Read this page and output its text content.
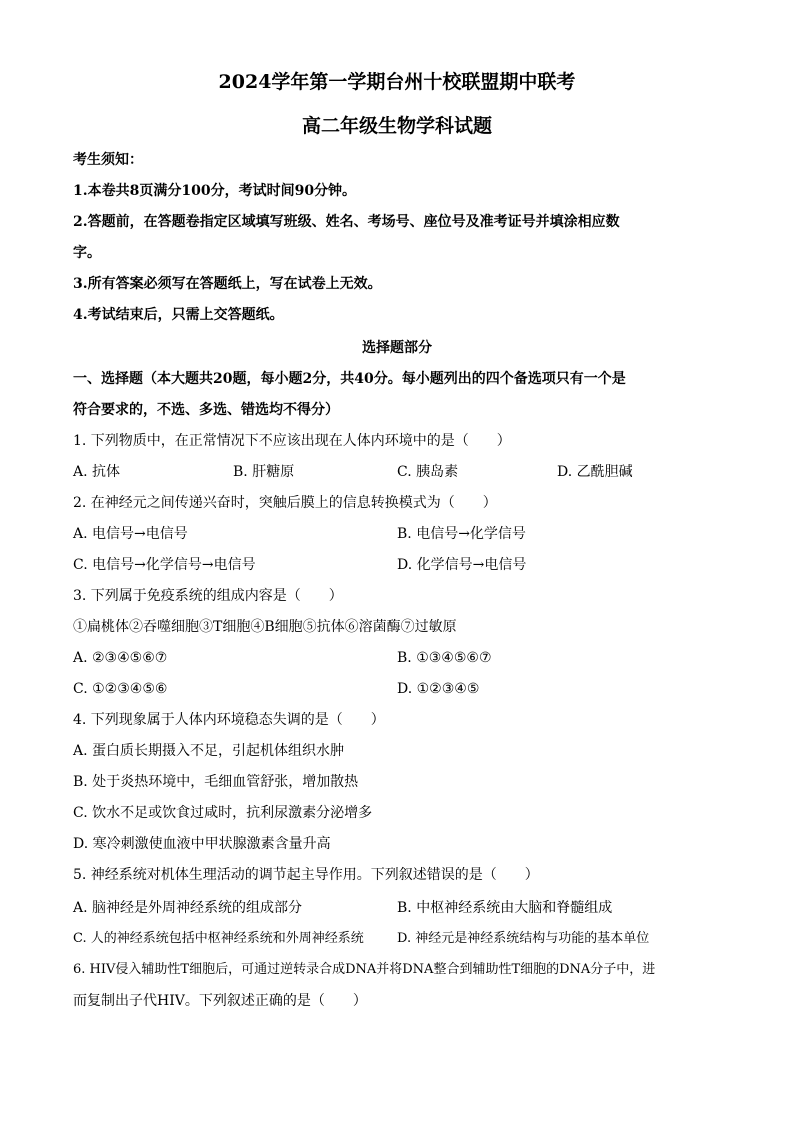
2024学年第一学期台州十校联盟期中联考
高二年级生物学科试题
考生须知：
1.本卷共8页满分100分，考试时间90分钟。
2.答题前，在答题卷指定区域填写班级、姓名、考场号、座位号及准考证号并填涂相应数
字。
3.所有答案必须写在答题纸上，写在试卷上无效。
4.考试结束后，只需上交答题纸。
选择题部分
一、选择题（本大题共20题，每小题2分，共40分。每小题列出的四个备选项只有一个是
符合要求的，不选、多选、错选均不得分）
1. 下列物质中，在正常情况下不应该出现在人体内环境中的是（　　）
A. 抗体	B. 肝糖原	C. 胰岛素	D. 乙酰胆碱
2. 在神经元之间传递兴奋时，突触后膜上的信息转换模式为（　　）
A. 电信号→电信号	B. 电信号→化学信号
C. 电信号→化学信号→电信号	D. 化学信号→电信号
3. 下列属于免疫系统的组成内容是（　　）
①扁桃体②吞噬细胞③T细胞④B细胞⑤抗体⑥溶菌酶⑦过敏原
A. ②③④⑤⑥⑦	B. ①③④⑤⑥⑦
C. ①②③④⑤⑥	D. ①②③④⑤
4. 下列现象属于人体内环境稳态失调的是（　　）
A. 蛋白质长期摄入不足，引起机体组织水肿
B. 处于炎热环境中，毛细血管舒张，增加散热
C. 饮水不足或饮食过咸时，抗利尿激素分泌增多
D. 寒冷刺激使血液中甲状腺激素含量升高
5. 神经系统对机体生理活动的调节起主导作用。下列叙述错误的是（　　）
A. 脑神经是外周神经系统的组成部分	B. 中枢神经系统由大脑和脊髓组成
C. 人的神经系统包括中枢神经系统和外周神经系统	D. 神经元是神经系统结构与功能的基本单位
6. HIV侵入辅助性T细胞后，可通过逆转录合成DNA并将DNA整合到辅助性T细胞的DNA分子中，进
而复制出子代HIV。下列叙述正确的是（　　）
